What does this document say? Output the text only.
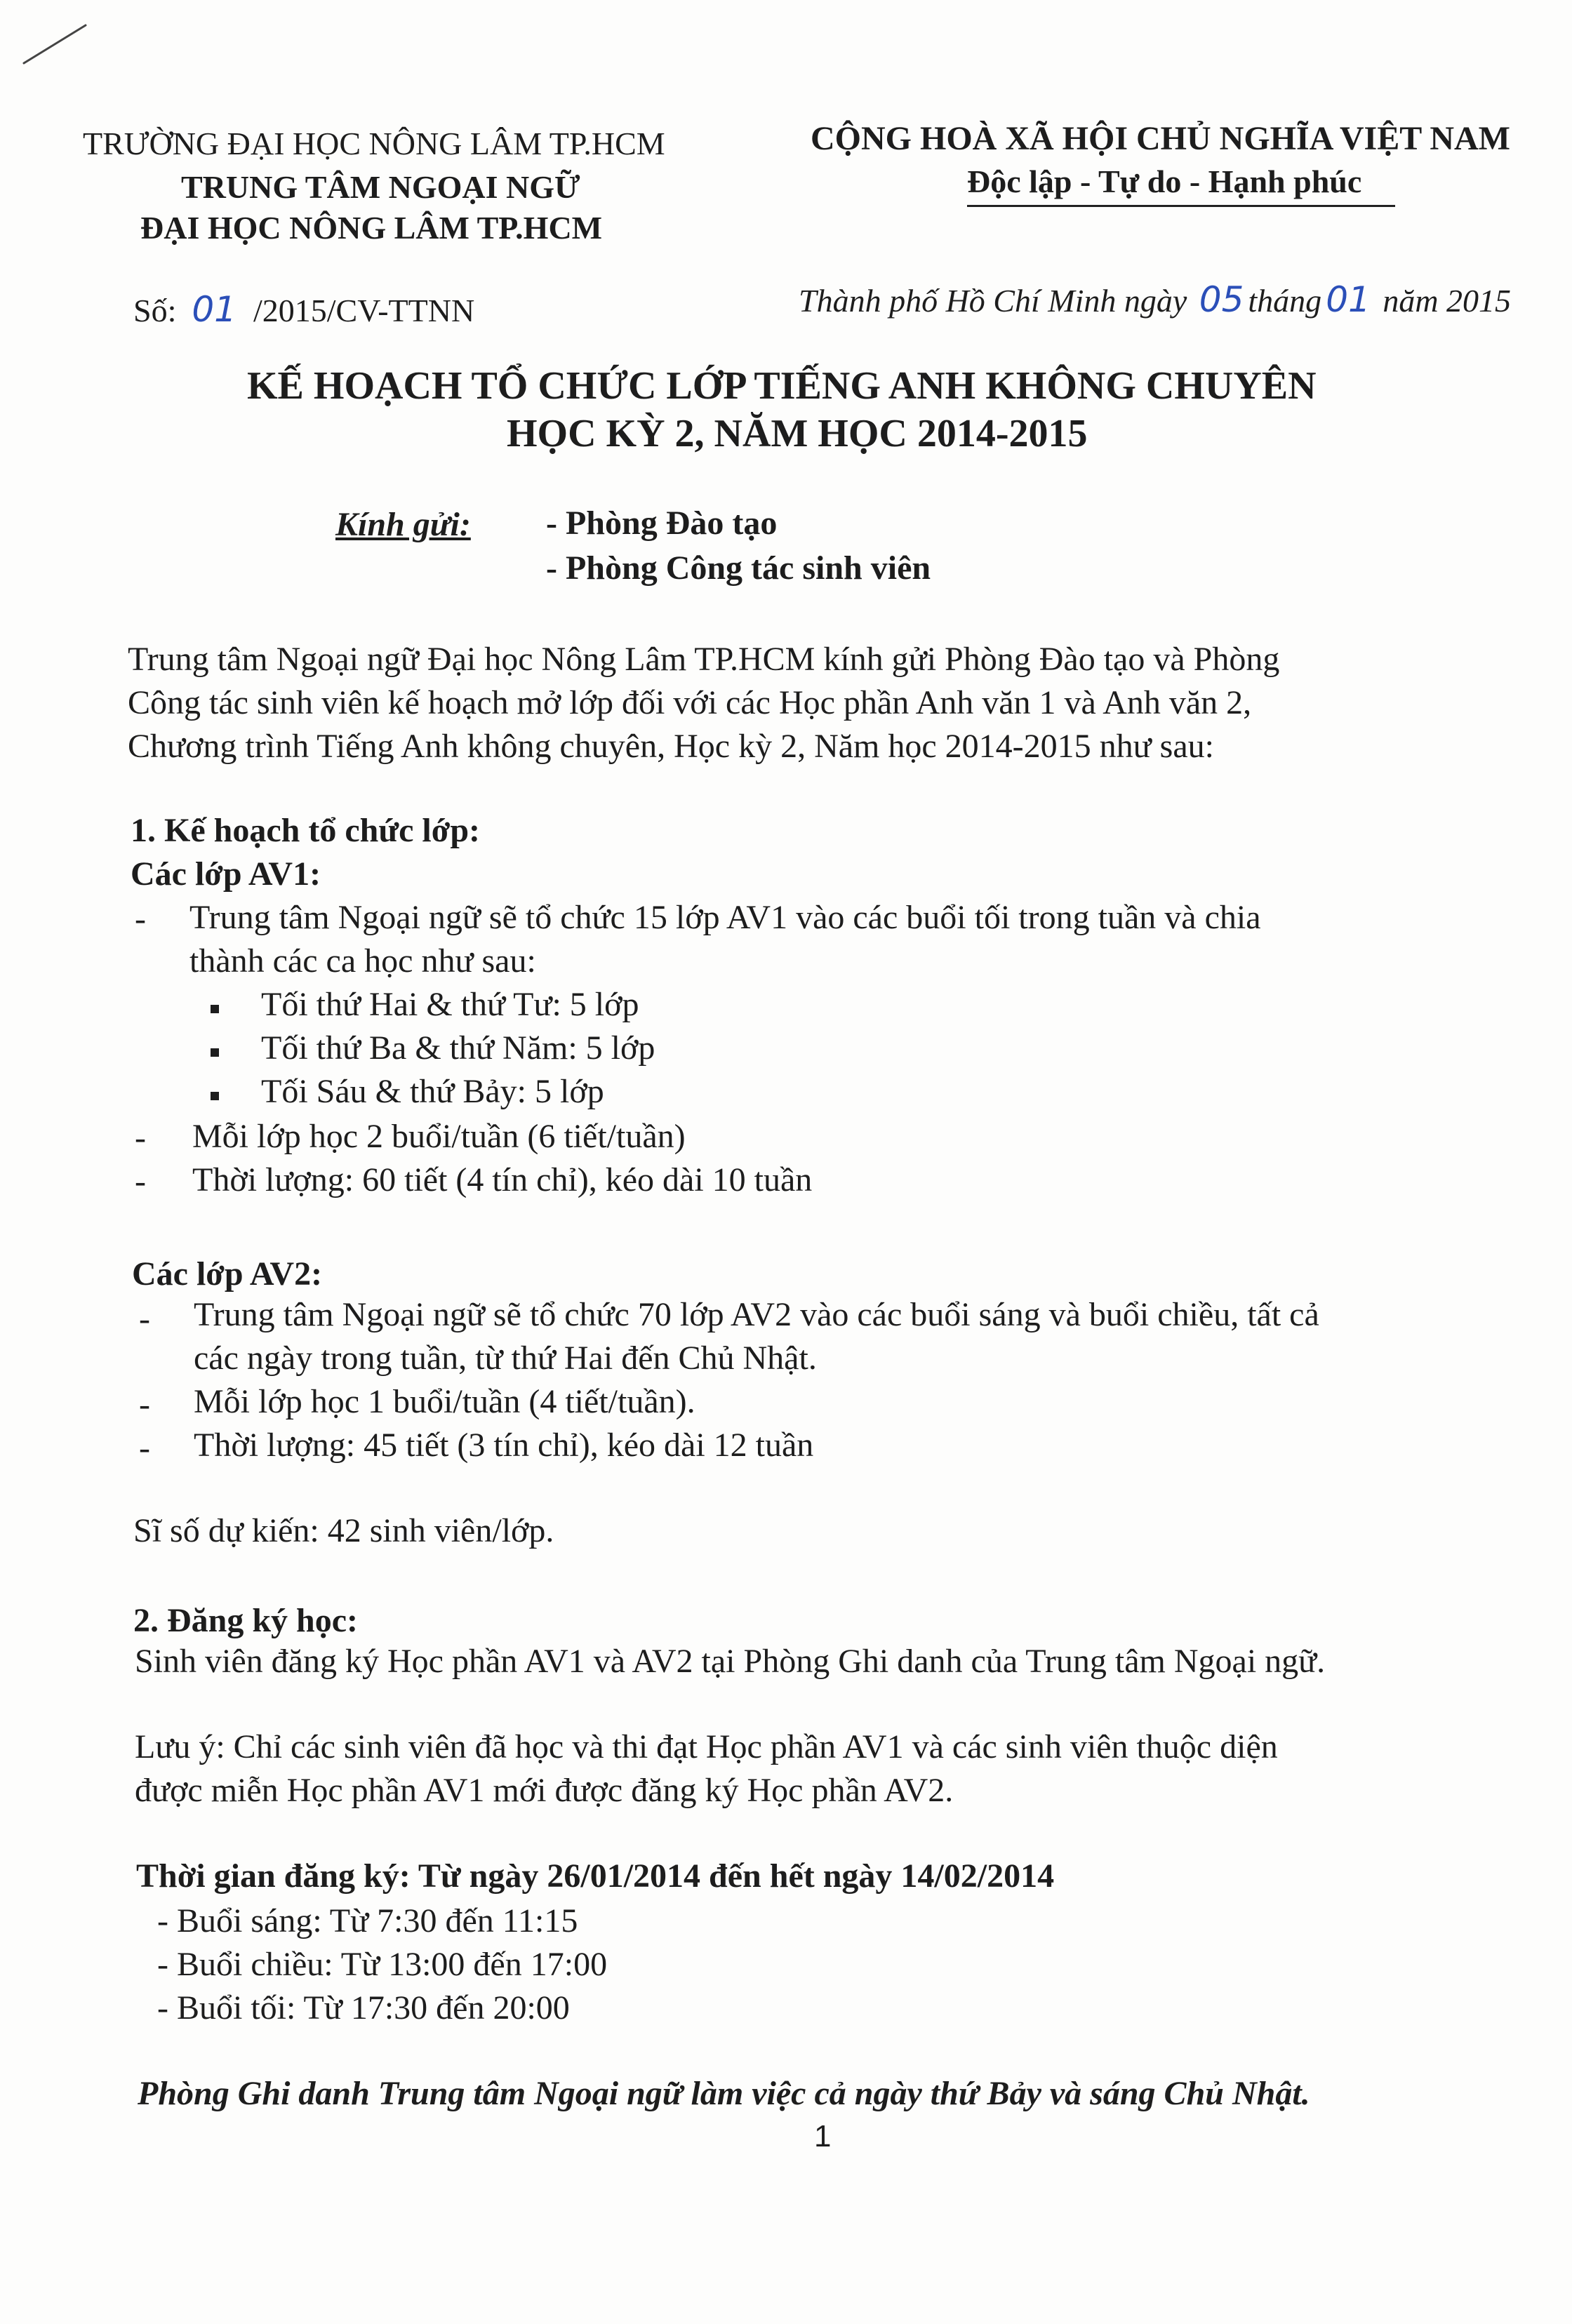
TRƯỜNG ĐẠI HỌC NÔNG LÂM TP.HCM
TRUNG TÂM NGOẠI NGỮ
ĐẠI HỌC NÔNG LÂM TP.HCM
CỘNG HOÀ XÃ HỘI CHỦ NGHĨA VIỆT NAM
Độc lập - Tự do - Hạnh phúc
Số: 01 /2015/CV-TTNN	Thành phố Hồ Chí Minh ngày 05 tháng 01 năm 2015
KẾ HOẠCH TỔ CHỨC LỚP TIẾNG ANH KHÔNG CHUYÊN
HỌC KỲ 2, NĂM HỌC 2014-2015
Kính gửi: - Phòng Đào tạo
- Phòng Công tác sinh viên
Trung tâm Ngoại ngữ Đại học Nông Lâm TP.HCM kính gửi Phòng Đào tạo và Phòng
Công tác sinh viên kế hoạch mở lớp đối với các Học phần Anh văn 1 và Anh văn 2,
Chương trình Tiếng Anh không chuyên, Học kỳ 2, Năm học 2014-2015 như sau:
1. Kế hoạch tổ chức lớp:
Các lớp AV1:
- Trung tâm Ngoại ngữ sẽ tổ chức 15 lớp AV1 vào các buổi tối trong tuần và chia
thành các ca học như sau:
Tối thứ Hai & thứ Tư: 5 lớp
Tối thứ Ba & thứ Năm: 5 lớp
Tối Sáu & thứ Bảy: 5 lớp
- Mỗi lớp học 2 buổi/tuần (6 tiết/tuần)
- Thời lượng: 60 tiết (4 tín chỉ), kéo dài 10 tuần
Các lớp AV2:
- Trung tâm Ngoại ngữ sẽ tổ chức 70 lớp AV2 vào các buổi sáng và buổi chiều, tất cả
các ngày trong tuần, từ thứ Hai đến Chủ Nhật.
- Mỗi lớp học 1 buổi/tuần (4 tiết/tuần).
- Thời lượng: 45 tiết (3 tín chỉ), kéo dài 12 tuần
Sĩ số dự kiến: 42 sinh viên/lớp.
2. Đăng ký học:
Sinh viên đăng ký Học phần AV1 và AV2 tại Phòng Ghi danh của Trung tâm Ngoại ngữ.
Lưu ý: Chỉ các sinh viên đã học và thi đạt Học phần AV1 và các sinh viên thuộc diện
được miễn Học phần AV1 mới được đăng ký Học phần AV2.
Thời gian đăng ký: Từ ngày 26/01/2014 đến hết ngày 14/02/2014
- Buổi sáng: Từ 7:30 đến 11:15
- Buổi chiều: Từ 13:00 đến 17:00
- Buổi tối: Từ 17:30 đến 20:00
Phòng Ghi danh Trung tâm Ngoại ngữ làm việc cả ngày thứ Bảy và sáng Chủ Nhật.
1
